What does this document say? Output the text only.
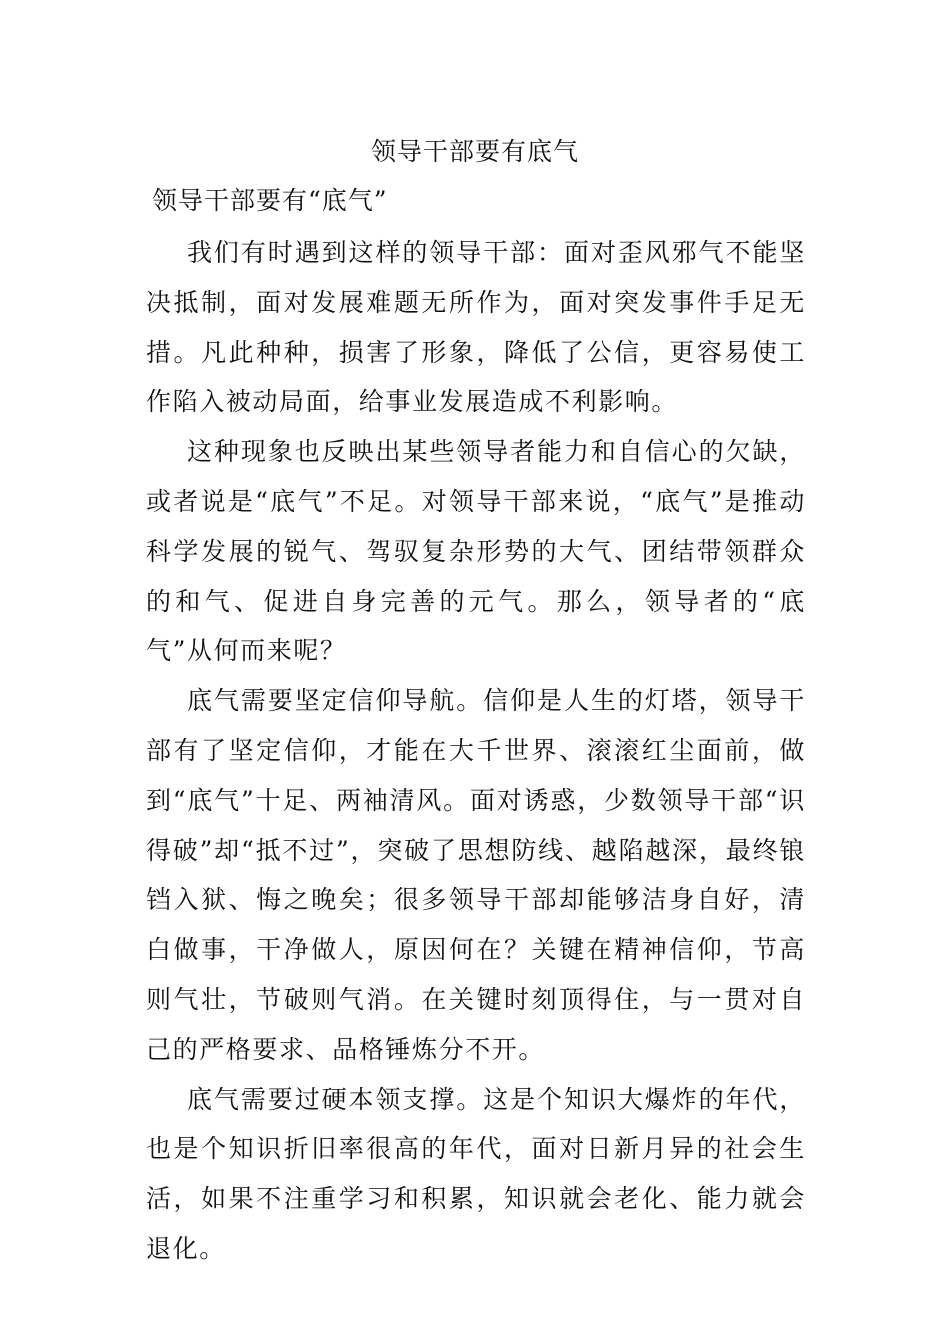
领导干部要有底气
领导干部要有“底气”

我们有时遇到这样的领导干部：面对歪风邪气不能坚决抵制，面对发展难题无所作为，面对突发事件手足无措。凡此种种，损害了形象，降低了公信，更容易使工作陷入被动局面，给事业发展造成不利影响。

这种现象也反映出某些领导者能力和自信心的欠缺，或者说是“底气”不足。对领导干部来说，“底气”是推动科学发展的锐气、驾驭复杂形势的大气、团结带领群众的和气、促进自身完善的元气。那么，领导者的“底气”从何而来呢？

底气需要坚定信仰导航。信仰是人生的灯塔，领导干部有了坚定信仰，才能在大千世界、滚滚红尘面前，做到“底气”十足、两袖清风。面对诱惑，少数领导干部“识得破”却“抵不过”，突破了思想防线、越陷越深，最终锒铛入狱、悔之晚矣；很多领导干部却能够洁身自好，清白做事，干净做人，原因何在？关键在精神信仰，节高则气壮，节破则气消。在关键时刻顶得住，与一贯对自己的严格要求、品格锤炼分不开。

底气需要过硬本领支撑。这是个知识大爆炸的年代，也是个知识折旧率很高的年代，面对日新月异的社会生活，如果不注重学习和积累，知识就会老化、能力就会退化。
